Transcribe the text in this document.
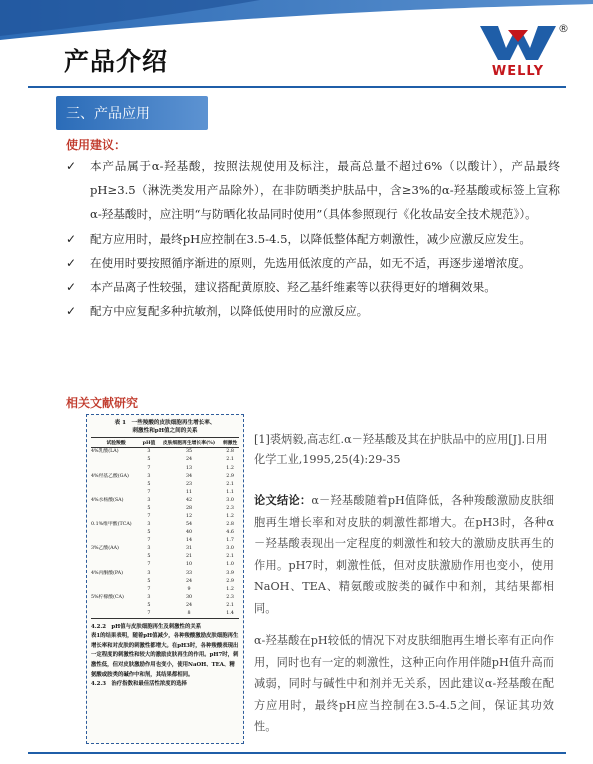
产品介绍	WELLY
®
三、产品应用
使用建议：
✓ 本产品属于α-羟基酸，按照法规使用及标注，最高总量不超过6%（以酸计），产品最终pH≥3.5（淋洗类发用产品除外），在非防晒类护肤品中，含≥3%的α-羟基酸或标签上宣称α-羟基酸时，应注明“与防晒化妆品同时使用”（具体参照现行《化妆品安全技术规范》）。
✓ 配方应用时，最终pH应控制在3.5-4.5，以降低整体配方刺激性，减少应激反应发生。
✓ 在使用时要按照循序渐进的原则，先选用低浓度的产品，如无不适，再逐步递增浓度。
✓ 本产品离子性较强，建议搭配黄原胶、羟乙基纤维素等以获得更好的增稠效果。
✓ 配方中应复配多种抗敏剂，以降低使用时的应激反应。
相关文献研究
表 1　一些羧酸的皮肤细胞再生增长率、
刺激性和pH值之间的关系
试验羧酸	pH值	皮肤细胞再生增长率(%)	刺激性
4%乳酸(LA)	3	35	2.8
	5	24	2.1
	7	13	1.2
4%羟基乙酸(GA)	3	34	2.9
	5	23	2.1
	7	11	1.1
4%水杨酸(SA)	3	42	3.0
	5	28	2.3
	7	12	1.2
0.1%维甲酸(TCA)	3	54	2.8
	5	40	4.6
	7	14	1.7
3%乙酸(AA)	3	31	3.0
	5	21	2.1
	7	10	1.0
4%丙酮酸(PA)	3	33	3.9
	5	24	2.9
	7	9	1.2
5%柠檬酸(CA)	3	30	2.3
	5	24	2.1
	7	8	1.4
4.2.2　pH值与皮肤细胞再生及刺激性的关系
表1的结果表明，随着pH值减少，各种羧酸激励皮肤细胞再生增长率和对皮肤的刺激性都增大。在pH3时，各种羧酸表现出一定程度的刺激性和较大的激励皮肤再生的作用。pH7时，刺激性低，但对皮肤激励作用也变小，使用NaOH、TEA、精氨酸或胺类的碱作中和剂，其结果都相同。
4.2.3　治疗指数和最佳活性浓度的选择
[1]裘炳毅,高志红.α－羟基酸及其在护肤品中的应用[J].日用化学工业,1995,25(4):29-35
论文结论：α－羟基酸随着pH值降低，各种羧酸激励皮肤细胞再生增长率和对皮肤的刺激性都增大。在pH3时，各种α－羟基酸表现出一定程度的刺激性和较大的激励皮肤再生的作用。pH7时，刺激性低，但对皮肤激励作用也变小，使用NaOH、TEA、精氨酸或胺类的碱作中和剂，其结果都相同。
α-羟基酸在pH较低的情况下对皮肤细胞再生增长率有正向作用，同时也有一定的刺激性，这种正向作用伴随pH值升高而减弱，同时与碱性中和剂并无关系，因此建议α-羟基酸在配方应用时，最终pH应当控制在3.5-4.5之间，保证其功效性。
